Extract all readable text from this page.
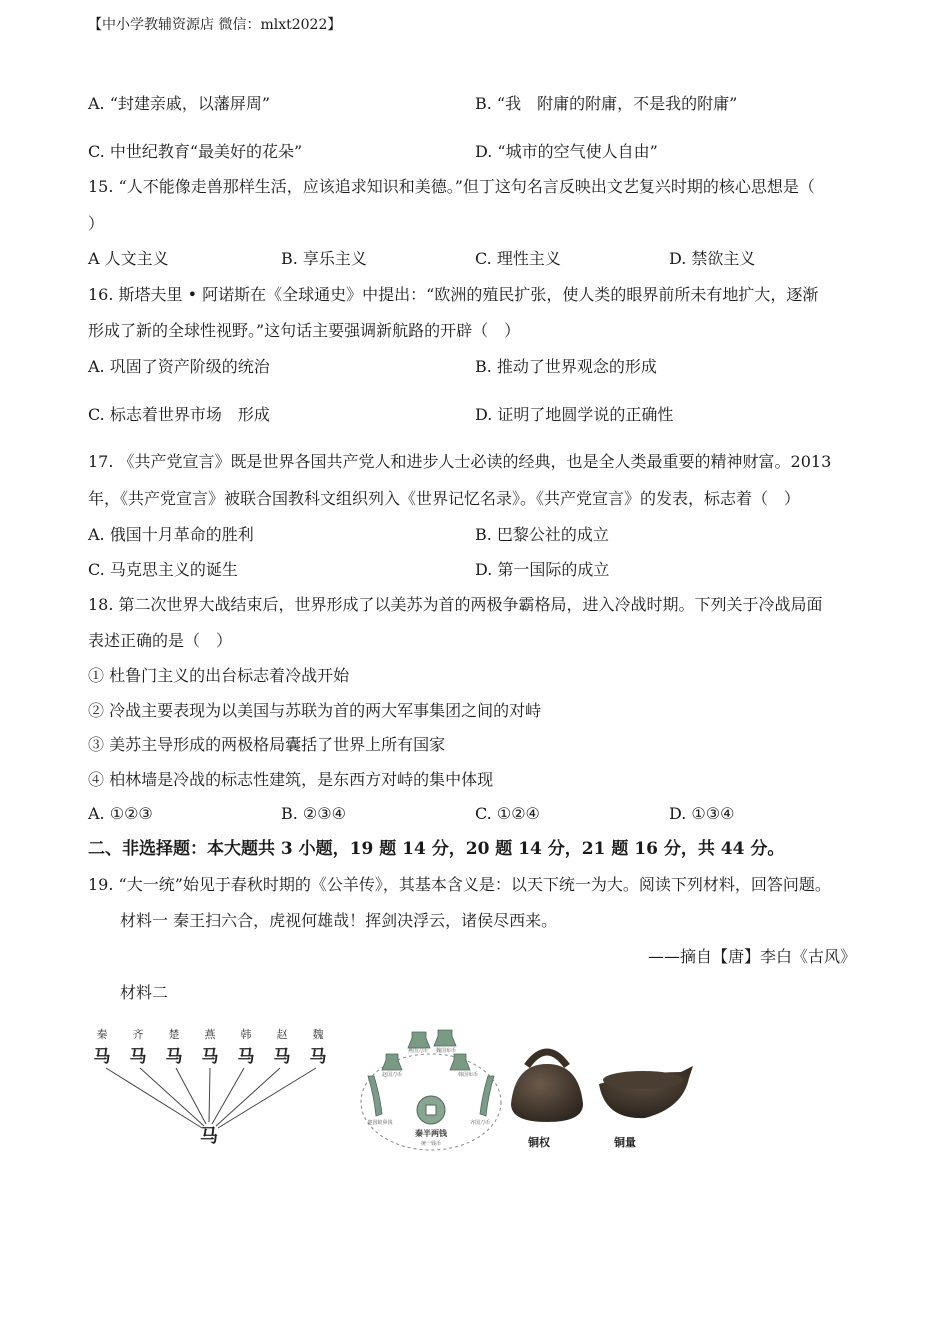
【中小学教辅资源店 微信：mlxt2022】
A. “封建亲戚，以藩屏周”	B. “我　附庸的附庸，不是我的附庸”
C. 中世纪教育“最美好的花朵”	D. “城市的空气使人自由”
15. “人不能像走兽那样生活，应该追求知识和美德。”但丁这句名言反映出文艺复兴时期的核心思想是（
）
A 人文主义	B. 享乐主义	C. 理性主义	D. 禁欲主义
16. 斯塔夫里 • 阿诺斯在《全球通史》中提出：“欧洲的殖民扩张，使人类的眼界前所未有地扩大，逐渐
形成了新的全球性视野。”这句话主要强调新航路的开辟（　）
A. 巩固了资产阶级的统治	B. 推动了世界观念的形成
C. 标志着世界市场　形成	D. 证明了地圆学说的正确性
17. 《共产党宣言》既是世界各国共产党人和进步人士必读的经典，也是全人类最重要的精神财富。2013
年，《共产党宣言》被联合国教科文组织列入《世界记忆名录》。《共产党宣言》的发表，标志着（　）
A. 俄国十月革命的胜利	B. 巴黎公社的成立
C. 马克思主义的诞生	D. 第一国际的成立
18. 第二次世界大战结束后，世界形成了以美苏为首的两极争霸格局，进入冷战时期。下列关于冷战局面
表述正确的是（　）
① 杜鲁门主义的出台标志着冷战开始
② 冷战主要表现为以美国与苏联为首的两大军事集团之间的对峙
③ 美苏主导形成的两极格局囊括了世界上所有国家
④ 柏林墙是冷战的标志性建筑，是东西方对峙的集中体现
A. ①②③	B. ②③④	C. ①②④	D. ①③④
二、非选择题：本大题共 3 小题，19 题 14 分，20 题 14 分，21 题 16 分，共 44 分。
19. “大一统”始见于春秋时期的《公羊传》，其基本含义是：以天下统一为大。阅读下列材料，回答问题。
材料一 秦王扫六合，虎视何雄哉！挥剑决浮云，诸侯尽西来。
——摘自【唐】李白《古风》
材料二
秦 齐 楚 燕 韩 赵 魏
马 马 马 马 马 马 马
马
赵国刀币
燕国刀币 魏国布币
韩国布币
楚国蚁鼻钱	齐国刀币
秦半两钱
统一钱币	铜权	铜量
